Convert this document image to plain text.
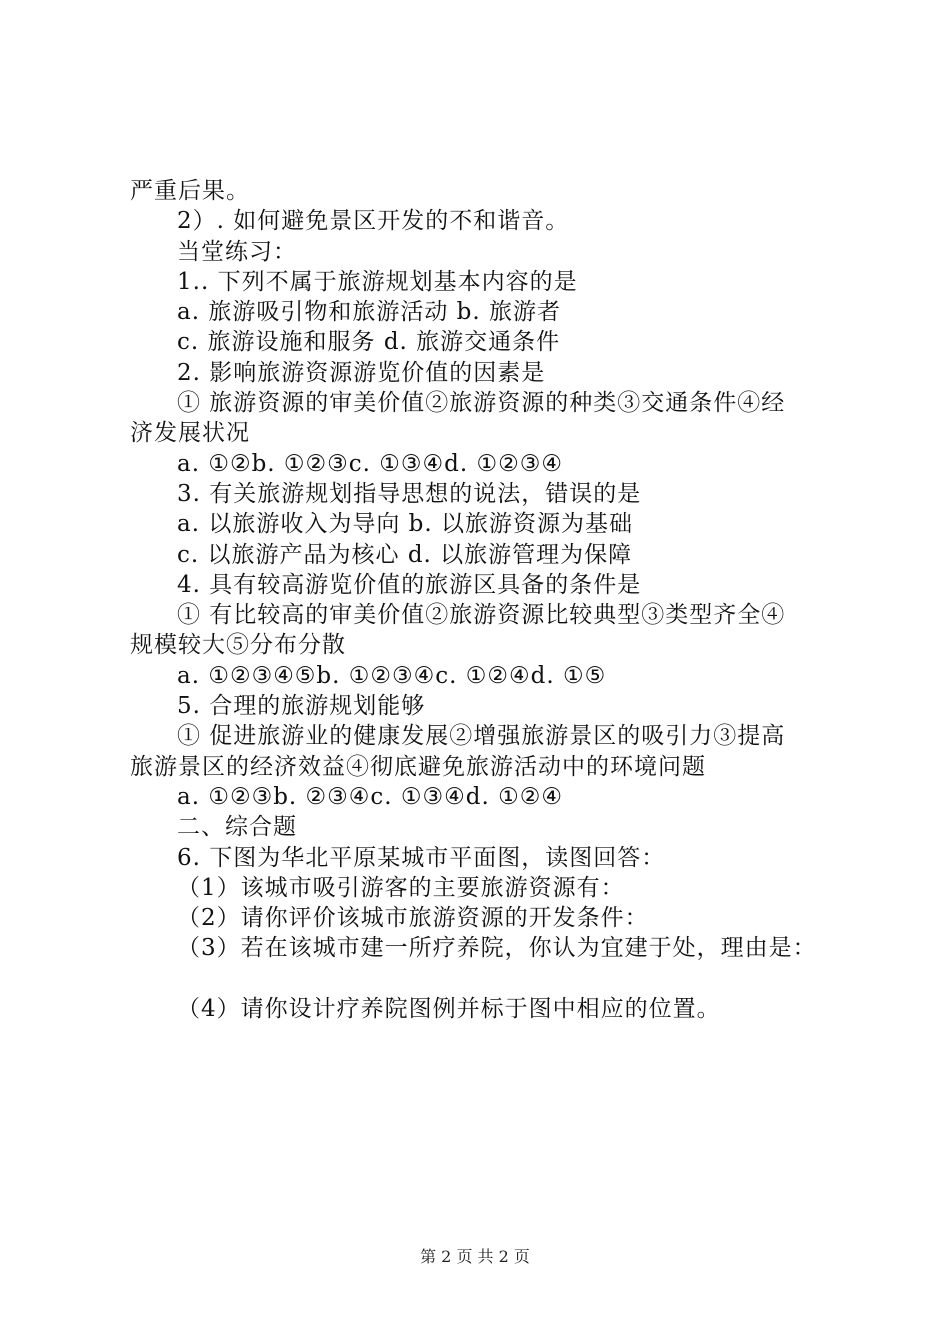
严重后果。
2）. 如何避免景区开发的不和谐音。
当堂练习：
1.. 下列不属于旅游规划基本内容的是
a. 旅游吸引物和旅游活动 b. 旅游者
c. 旅游设施和服务 d. 旅游交通条件
2. 影响旅游资源游览价值的因素是
① 旅游资源的审美价值②旅游资源的种类③交通条件④经
济发展状况
a. ①②b. ①②③c. ①③④d. ①②③④
3. 有关旅游规划指导思想的说法，错误的是
a. 以旅游收入为导向 b. 以旅游资源为基础
c. 以旅游产品为核心 d. 以旅游管理为保障
4. 具有较高游览价值的旅游区具备的条件是
① 有比较高的审美价值②旅游资源比较典型③类型齐全④
规模较大⑤分布分散
a. ①②③④⑤b. ①②③④c. ①②④d. ①⑤
5. 合理的旅游规划能够
① 促进旅游业的健康发展②增强旅游景区的吸引力③提高
旅游景区的经济效益④彻底避免旅游活动中的环境问题
a. ①②③b. ②③④c. ①③④d. ①②④
二、综合题
6. 下图为华北平原某城市平面图，读图回答：
（1）该城市吸引游客的主要旅游资源有：
（2）请你评价该城市旅游资源的开发条件：
（3）若在该城市建一所疗养院，你认为宜建于处，理由是：
（4）请你设计疗养院图例并标于图中相应的位置。
第 2 页 共 2 页
